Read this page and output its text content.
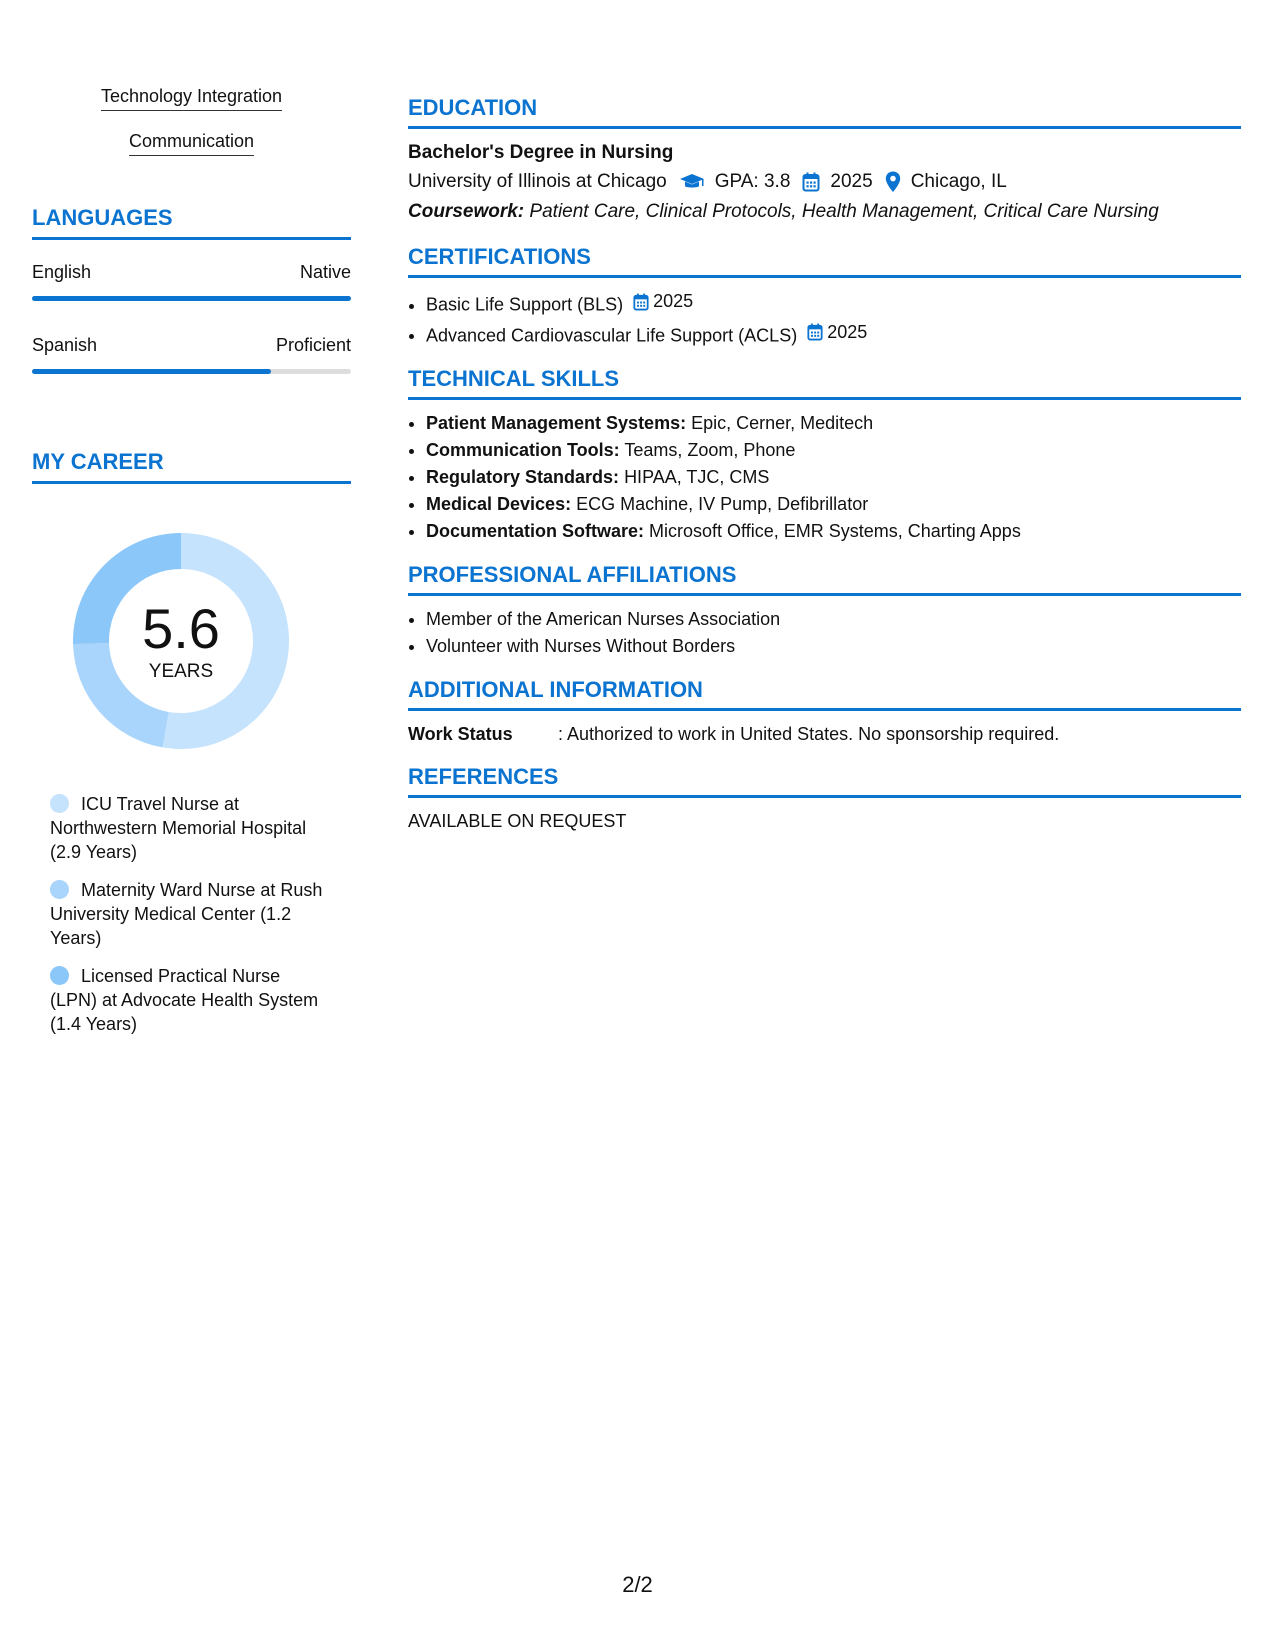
Technology Integration
Communication
LANGUAGES
English	Native
Spanish	Proficient
MY CAREER
5.6
YEARS
ICU Travel Nurse at Northwestern Memorial Hospital (2.9 Years)
Maternity Ward Nurse at Rush University Medical Center (1.2 Years)
Licensed Practical Nurse (LPN) at Advocate Health System (1.4 Years)
EDUCATION
Bachelor's Degree in Nursing
University of Illinois at Chicago	GPA: 3.8 2025 Chicago, IL
Coursework: Patient Care, Clinical Protocols, Health Management, Critical Care Nursing
CERTIFICATIONS
• Basic Life Support (BLS) 2025
• Advanced Cardiovascular Life Support (ACLS) 2025
TECHNICAL SKILLS
• Patient Management Systems: Epic, Cerner, Meditech
• Communication Tools: Teams, Zoom, Phone
• Regulatory Standards: HIPAA, TJC, CMS
• Medical Devices: ECG Machine, IV Pump, Defibrillator
• Documentation Software: Microsoft Office, EMR Systems, Charting Apps
PROFESSIONAL AFFILIATIONS
• Member of the American Nurses Association
• Volunteer with Nurses Without Borders
ADDITIONAL INFORMATION
Work Status	: Authorized to work in United States. No sponsorship required.
REFERENCES
AVAILABLE ON REQUEST
2/2
